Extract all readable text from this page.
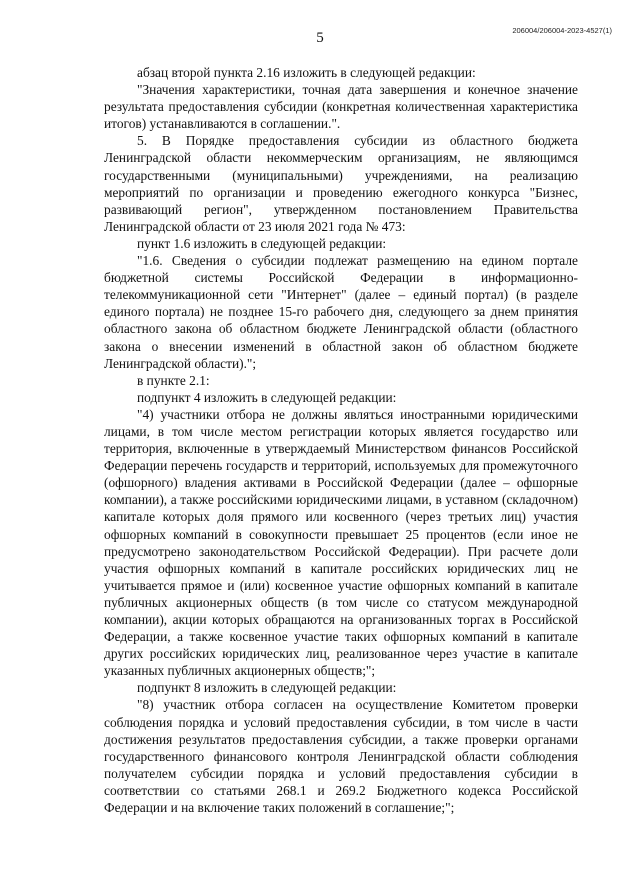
5	206004/206004-2023-4527(1)

абзац второй пункта 2.16 изложить в следующей редакции:

"Значения характеристики, точная дата завершения и конечное значение результата предоставления субсидии (конкретная количественная характеристика итогов) устанавливаются в соглашении.".

5. В Порядке предоставления субсидии из областного бюджета Ленинградской области некоммерческим организациям, не являющимся государственными (муниципальными) учреждениями, на реализацию мероприятий по организации и проведению ежегодного конкурса "Бизнес, развивающий регион", утвержденном постановлением Правительства Ленинградской области от 23 июля 2021 года № 473:

пункт 1.6 изложить в следующей редакции:

"1.6. Сведения о субсидии подлежат размещению на едином портале бюджетной системы Российской Федерации в информационно-телекоммуникационной сети "Интернет" (далее – единый портал) (в разделе единого портала) не позднее 15-го рабочего дня, следующего за днем принятия областного закона об областном бюджете Ленинградской области (областного закона о внесении изменений в областной закон об областном бюджете Ленинградской области).";

в пункте 2.1:

подпункт 4 изложить в следующей редакции:

"4) участники отбора не должны являться иностранными юридическими лицами, в том числе местом регистрации которых является государство или территория, включенные в утверждаемый Министерством финансов Российской Федерации перечень государств и территорий, используемых для промежуточного (офшорного) владения активами в Российской Федерации (далее – офшорные компании), а также российскими юридическими лицами, в уставном (складочном) капитале которых доля прямого или косвенного (через третьих лиц) участия офшорных компаний в совокупности превышает 25 процентов (если иное не предусмотрено законодательством Российской Федерации). При расчете доли участия офшорных компаний в капитале российских юридических лиц не учитывается прямое и (или) косвенное участие офшорных компаний в капитале публичных акционерных обществ (в том числе со статусом международной компании), акции которых обращаются на организованных торгах в Российской Федерации, а также косвенное участие таких офшорных компаний в капитале других российских юридических лиц, реализованное через участие в капитале указанных публичных акционерных обществ;";

подпункт 8 изложить в следующей редакции:

"8) участник отбора согласен на осуществление Комитетом проверки соблюдения порядка и условий предоставления субсидии, в том числе в части достижения результатов предоставления субсидии, а также проверки органами государственного финансового контроля Ленинградской области соблюдения получателем субсидии порядка и условий предоставления субсидии в соответствии со статьями 268.1 и 269.2 Бюджетного кодекса Российской Федерации и на включение таких положений в соглашение;";
